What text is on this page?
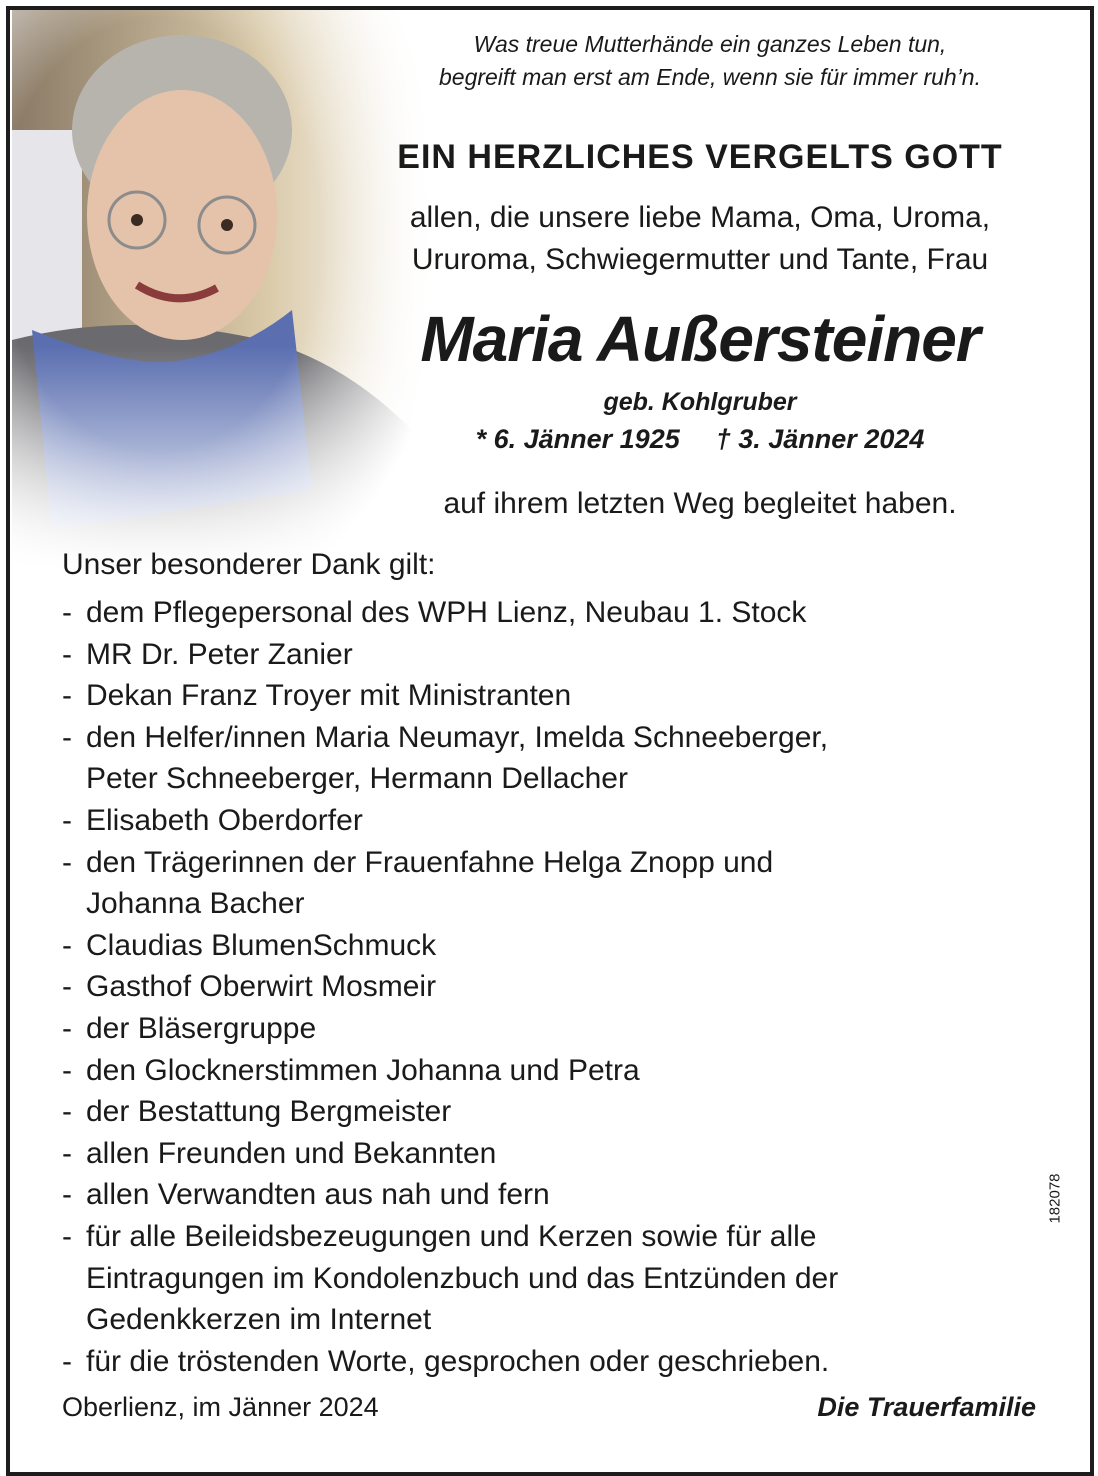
Was treue Mutterhände ein ganzes Leben tun,
begreift man erst am Ende, wenn sie für immer ruh’n.
EIN HERZLICHES VERGELTS GOTT
allen, die unsere liebe Mama, Oma, Uroma,
Ururoma, Schwiegermutter und Tante, Frau
Maria Außersteiner
geb. Kohlgruber
* 6. Jänner 1925 † 3. Jänner 2024
auf ihrem letzten Weg begleitet haben.
Unser besonderer Dank gilt:
- dem Pflegepersonal des WPH Lienz, Neubau 1. Stock
- MR Dr. Peter Zanier
- Dekan Franz Troyer mit Ministranten
- den Helfer/innen Maria Neumayr, Imelda Schneeberger,
Peter Schneeberger, Hermann Dellacher
- Elisabeth Oberdorfer
- den Trägerinnen der Frauenfahne Helga Znopp und
Johanna Bacher
- Claudias BlumenSchmuck
- Gasthof Oberwirt Mosmeir
- der Bläsergruppe
- den Glocknerstimmen Johanna und Petra
- der Bestattung Bergmeister
- allen Freunden und Bekannten
- allen Verwandten aus nah und fern
- für alle Beileidsbezeugungen und Kerzen sowie für alle
Eintragungen im Kondolenzbuch und das Entzünden der
Gedenkkerzen im Internet
- für die tröstenden Worte, gesprochen oder geschrieben.
Oberlienz, im Jänner 2024	Die Trauerfamilie
182078
